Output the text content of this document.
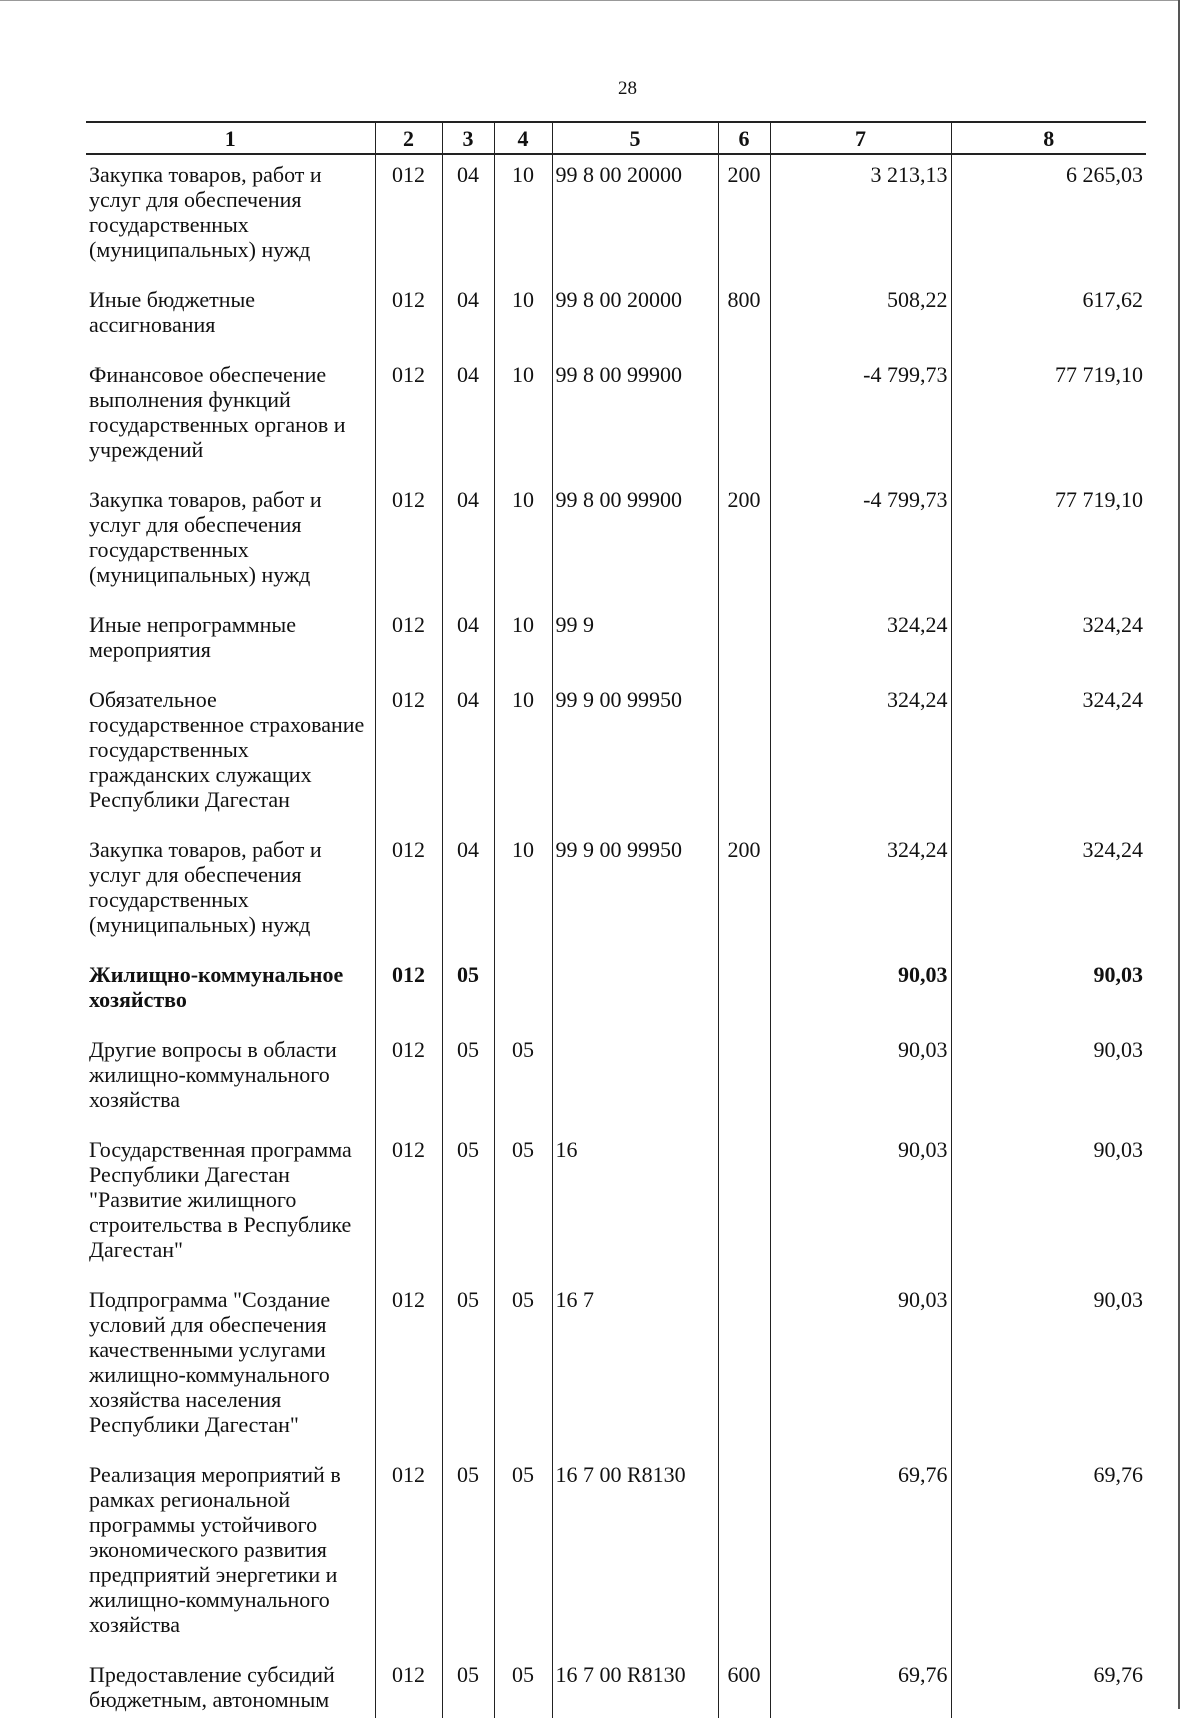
28
1	2	3	4	5	6	7	8
Закупка товаров, работ и услуг для обеспечения государственных (муниципальных) нужд	012	04	10	99 8 00 20000	200	3 213,13	6 265,03
Иные бюджетные ассигнования	012	04	10	99 8 00 20000	800	508,22	617,62
Финансовое обеспечение выполнения функций государственных органов и учреждений	012	04	10	99 8 00 99900		-4 799,73	77 719,10
Закупка товаров, работ и услуг для обеспечения государственных (муниципальных) нужд	012	04	10	99 8 00 99900	200	-4 799,73	77 719,10
Иные непрограммные мероприятия	012	04	10	99 9		324,24	324,24
Обязательное государственное страхование государственных гражданских служащих Республики Дагестан	012	04	10	99 9 00 99950		324,24	324,24
Закупка товаров, работ и услуг для обеспечения государственных (муниципальных) нужд	012	04	10	99 9 00 99950	200	324,24	324,24
Жилищно-коммунальное хозяйство	012	05				90,03	90,03
Другие вопросы в области жилищно-коммунального хозяйства	012	05	05			90,03	90,03
Государственная программа Республики Дагестан "Развитие жилищного строительства в Республике Дагестан"	012	05	05	16		90,03	90,03
Подпрограмма "Создание условий для обеспечения качественными услугами жилищно-коммунального хозяйства населения Республики Дагестан"	012	05	05	16 7		90,03	90,03
Реализация мероприятий в рамках региональной программы устойчивого экономического развития предприятий энергетики и жилищно-коммунального хозяйства	012	05	05	16 7 00 R8130		69,76	69,76
Предоставление субсидий бюджетным, автономным	012	05	05	16 7 00 R8130	600	69,76	69,76
